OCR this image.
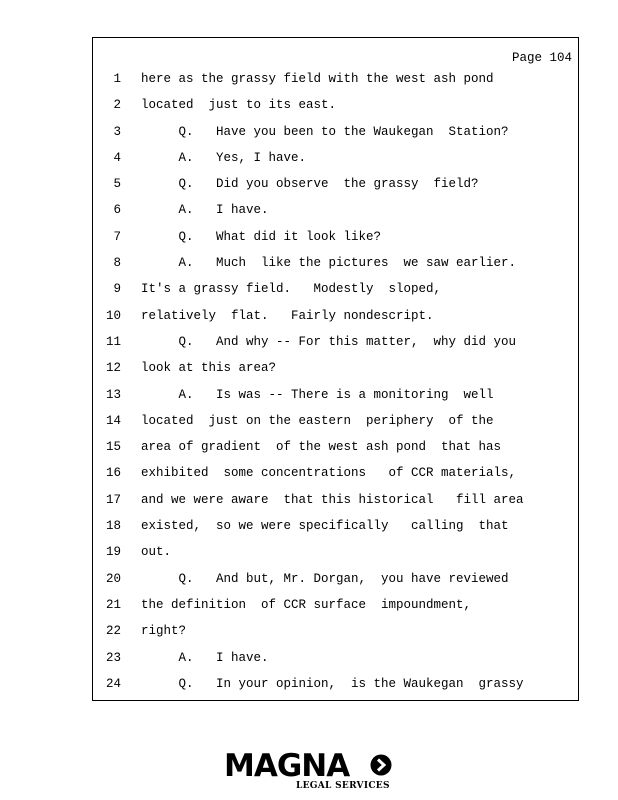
Page 104
1 here as the grassy field with the west ash pond
2 located  just to its east.
3 Q.   Have you been to the Waukegan  Station?
4 A.   Yes, I have.
5 Q.   Did you observe  the grassy  field?
6 A.   I have.
7 Q.   What did it look like?
8 A.   Much  like the pictures  we saw earlier.
9 It's a grassy field.   Modestly  sloped,
10 relatively  flat.   Fairly nondescript.
11 Q.   And why -- For this matter,  why did you
12 look at this area?
13 A.   Is was -- There is a monitoring  well
14 located  just on the eastern  periphery  of the
15 area of gradient  of the west ash pond  that has
16 exhibited  some concentrations   of CCR materials,
17 and we were aware  that this historical   fill area
18 existed,  so we were specifically   calling  that
19 out.
20 Q.   And but, Mr. Dorgan,  you have reviewed
21 the definition  of CCR surface  impoundment,
22 right?
23 A.   I have.
24 Q.   In your opinion,  is the Waukegan  grassy
MAGNA
LEGAL SERVICES
